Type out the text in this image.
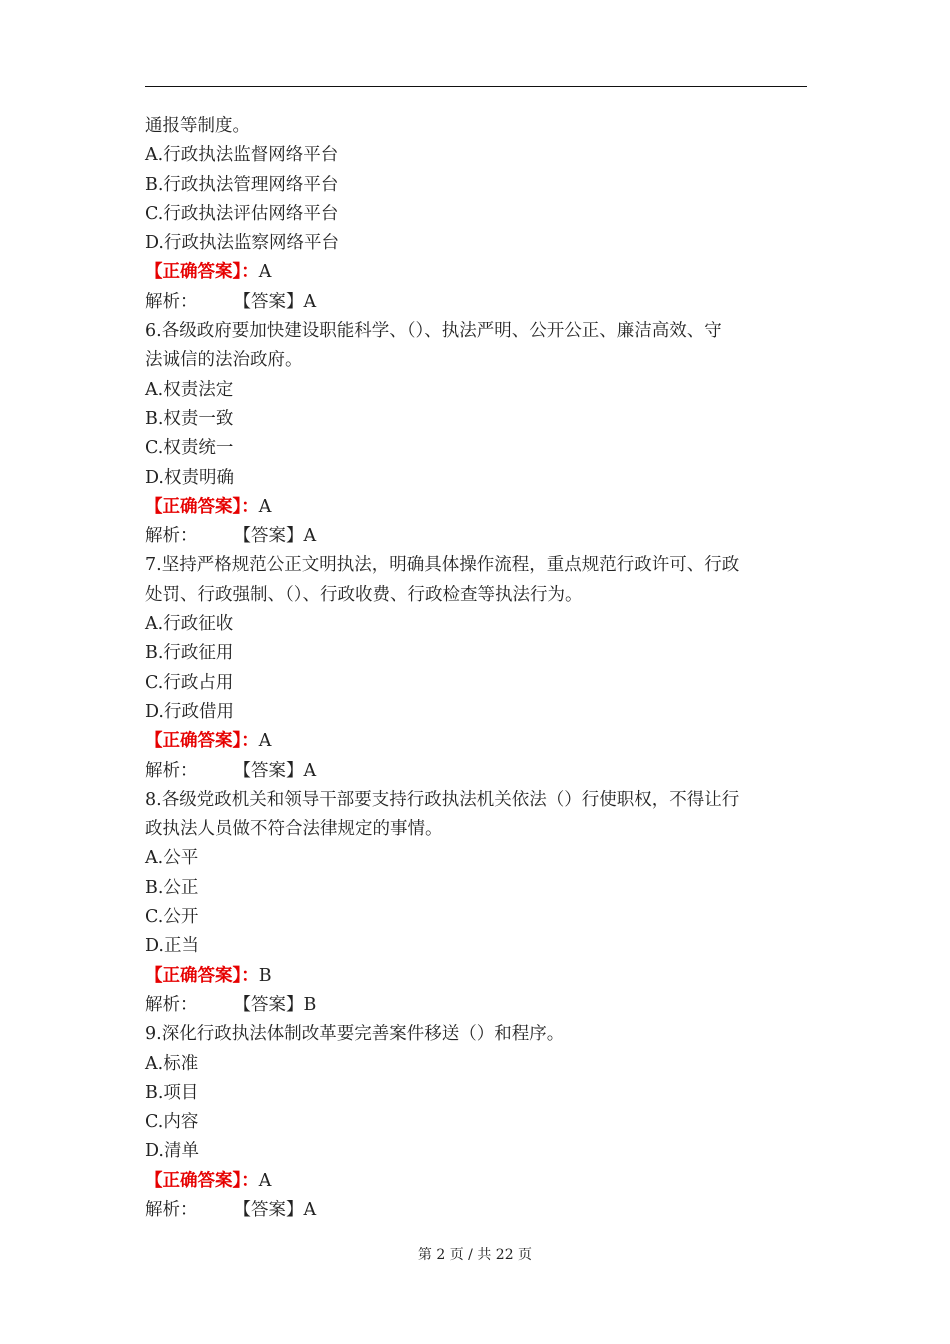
通报等制度。
A.行政执法监督网络平台
B.行政执法管理网络平台
C.行政执法评估网络平台
D.行政执法监察网络平台
【正确答案】：A
解析： 【答案】A
6.各级政府要加快建设职能科学、（）、执法严明、公开公正、廉洁高效、守
法诚信的法治政府。
A.权责法定
B.权责一致
C.权责统一
D.权责明确
【正确答案】：A
解析： 【答案】A
7.坚持严格规范公正文明执法，明确具体操作流程，重点规范行政许可、行政
处罚、行政强制、（）、行政收费、行政检查等执法行为。
A.行政征收
B.行政征用
C.行政占用
D.行政借用
【正确答案】：A
解析： 【答案】A
8.各级党政机关和领导干部要支持行政执法机关依法（）行使职权，不得让行
政执法人员做不符合法律规定的事情。
A.公平
B.公正
C.公开
D.正当
【正确答案】：B
解析： 【答案】B
9.深化行政执法体制改革要完善案件移送（）和程序。
A.标准
B.项目
C.内容
D.清单
【正确答案】：A
解析： 【答案】A
第 2 页 / 共 22 页
